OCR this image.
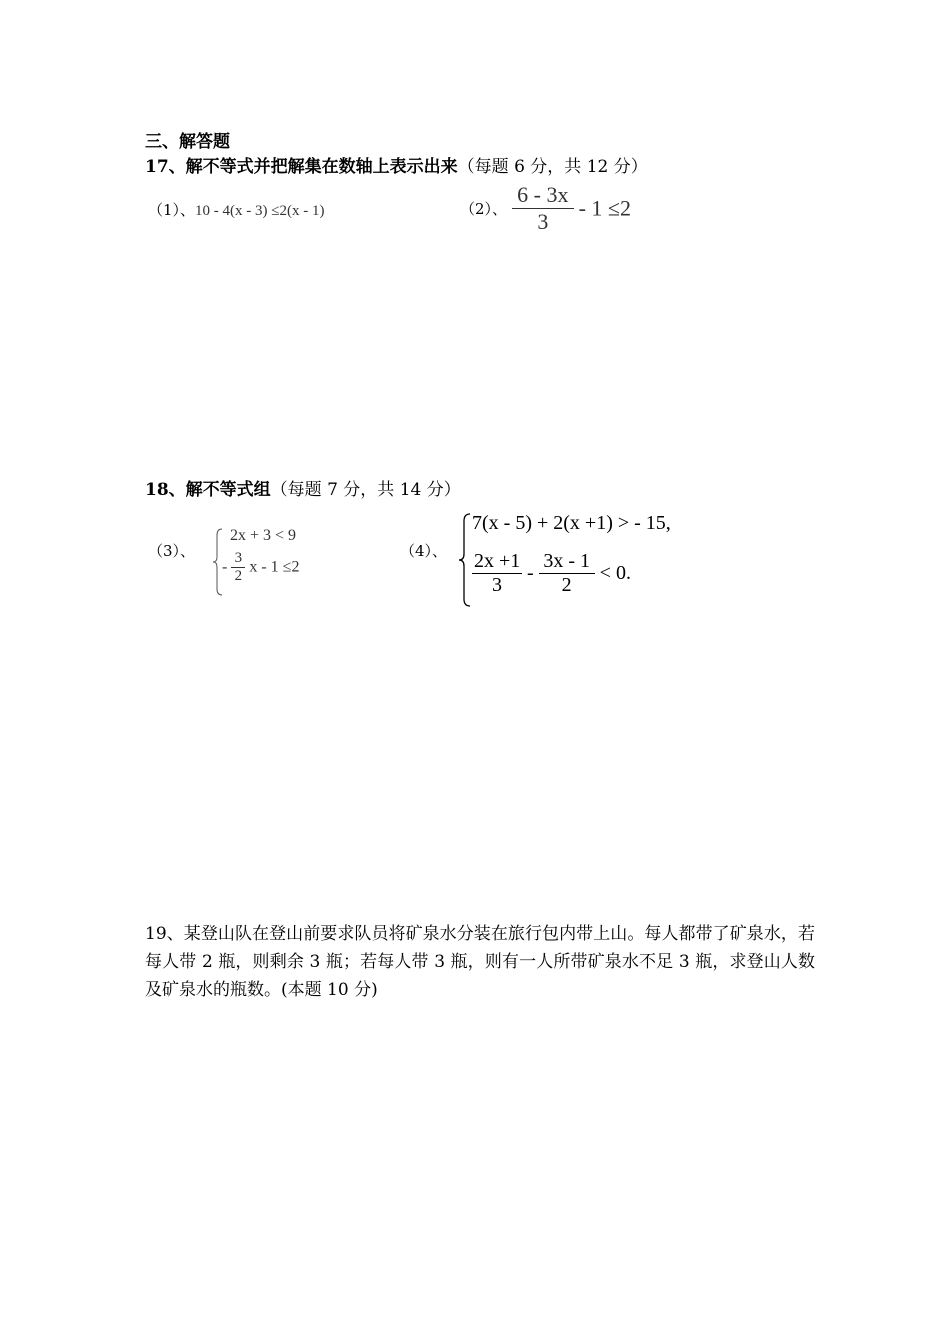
三、解答题
17、解不等式并把解集在数轴上表示出来（每题 6 分，共 12 分）
（1）、10 - 4(x - 3) ≤2(x - 1)	（2）、 $\frac{6 - 3x}{3} - 1 \le 2$
18、解不等式组（每题 7 分，共 14 分）
（3）、
2x + 3 < 9
- $\frac{3}{2}$ x - 1 ≤2
（4）、
7(x - 5) + 2(x +1) > - 15,
$\frac{2x +1}{3} - \frac{3x - 1}{2} < 0$.
19、某登山队在登山前要求队员将矿泉水分装在旅行包内带上山。每人都带了矿泉水，若每人带 2 瓶，则剩余 3 瓶；若每人带 3 瓶，则有一人所带矿泉水不足 3 瓶，求登山人数及矿泉水的瓶数。(本题 10 分)
